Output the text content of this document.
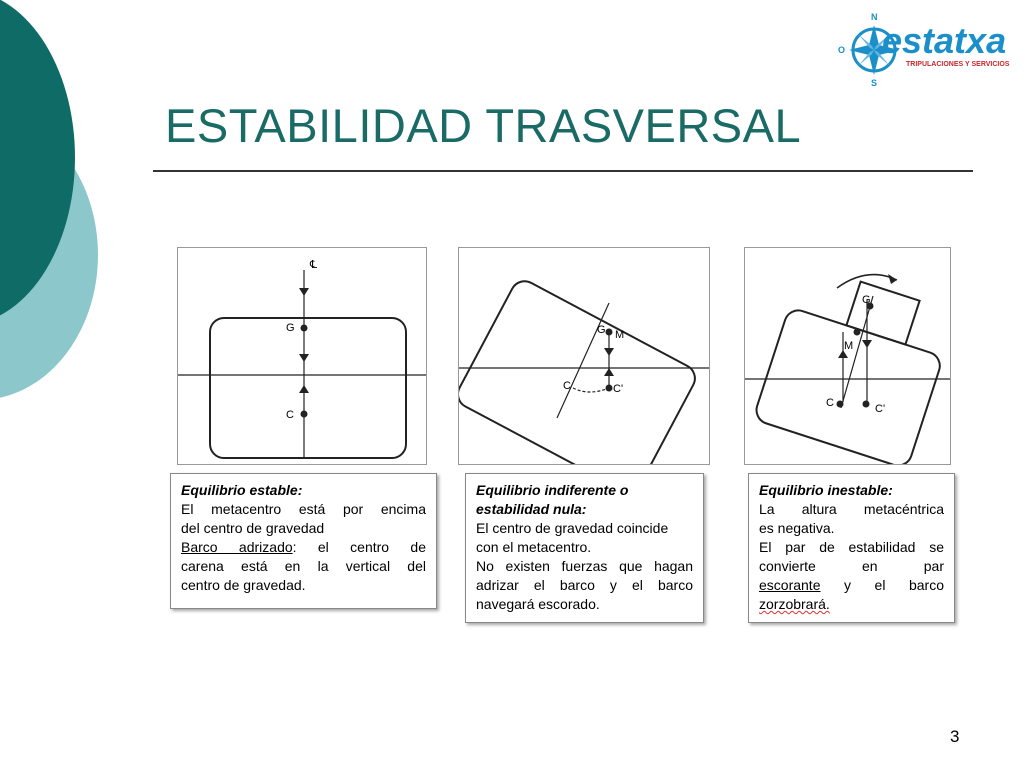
N
S
O estatxa
TRIPULACIONES Y SERVICIOS
ESTABILIDAD TRASVERSAL
℄
G
C
G M
C	C'
G
M
C	C'
Equilibrio estable:
El metacentro está por encima
del centro de gravedad
Barco adrizado: el centro de
carena está en la vertical del
centro de gravedad.
Equilibrio indiferente o
estabilidad nula:
El centro de gravedad coincide
con el metacentro.
No existen fuerzas que hagan
adrizar el barco y el barco
navegará escorado.
Equilibrio inestable:
La altura metacéntrica
es negativa.
El par de estabilidad se
convierte en par
escorante y el barco
zorzobrará.
3
